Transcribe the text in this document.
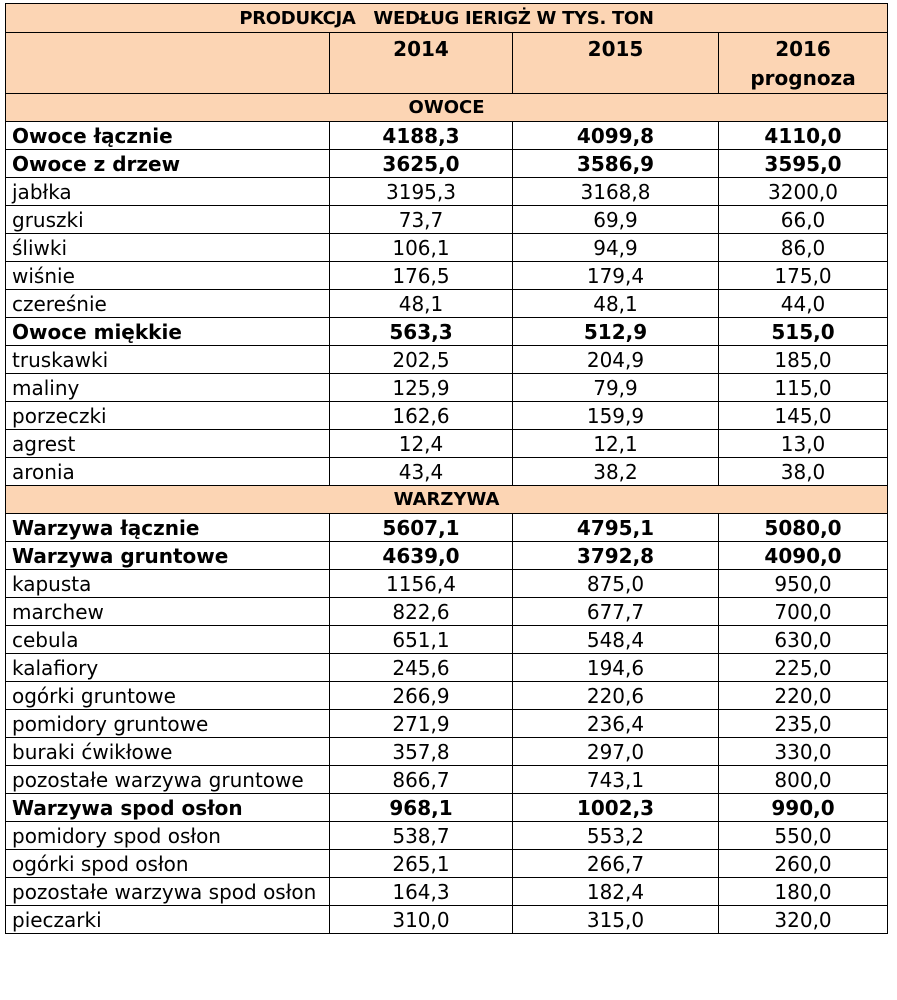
PRODUKCJA   WEDŁUG IERIGŻ W TYS. TON			
	2014	2015	2016
prognoza

OWOCE			
Owoce łącznie	4188,3	4099,8	4110,0
Owoce z drzew	3625,0	3586,9	3595,0
jabłka	3195,3	3168,8	3200,0
gruszki	73,7	69,9	66,0
śliwki	106,1	94,9	86,0
wiśnie	176,5	179,4	175,0
czereśnie	48,1	48,1	44,0
Owoce miękkie	563,3	512,9	515,0
truskawki	202,5	204,9	185,0
maliny	125,9	79,9	115,0
porzeczki	162,6	159,9	145,0
agrest	12,4	12,1	13,0
aronia	43,4	38,2	38,0
WARZYWA			
Warzywa łącznie	5607,1	4795,1	5080,0
Warzywa gruntowe	4639,0	3792,8	4090,0
kapusta	1156,4	875,0	950,0
marchew	822,6	677,7	700,0
cebula	651,1	548,4	630,0
kalafiory	245,6	194,6	225,0
ogórki gruntowe	266,9	220,6	220,0
pomidory gruntowe	271,9	236,4	235,0
buraki ćwikłowe	357,8	297,0	330,0
pozostałe warzywa gruntowe	866,7	743,1	800,0
Warzywa spod osłon	968,1	1002,3	990,0
pomidory spod osłon	538,7	553,2	550,0
ogórki spod osłon	265,1	266,7	260,0
pozostałe warzywa spod osłon	164,3	182,4	180,0
pieczarki	310,0	315,0	320,0
